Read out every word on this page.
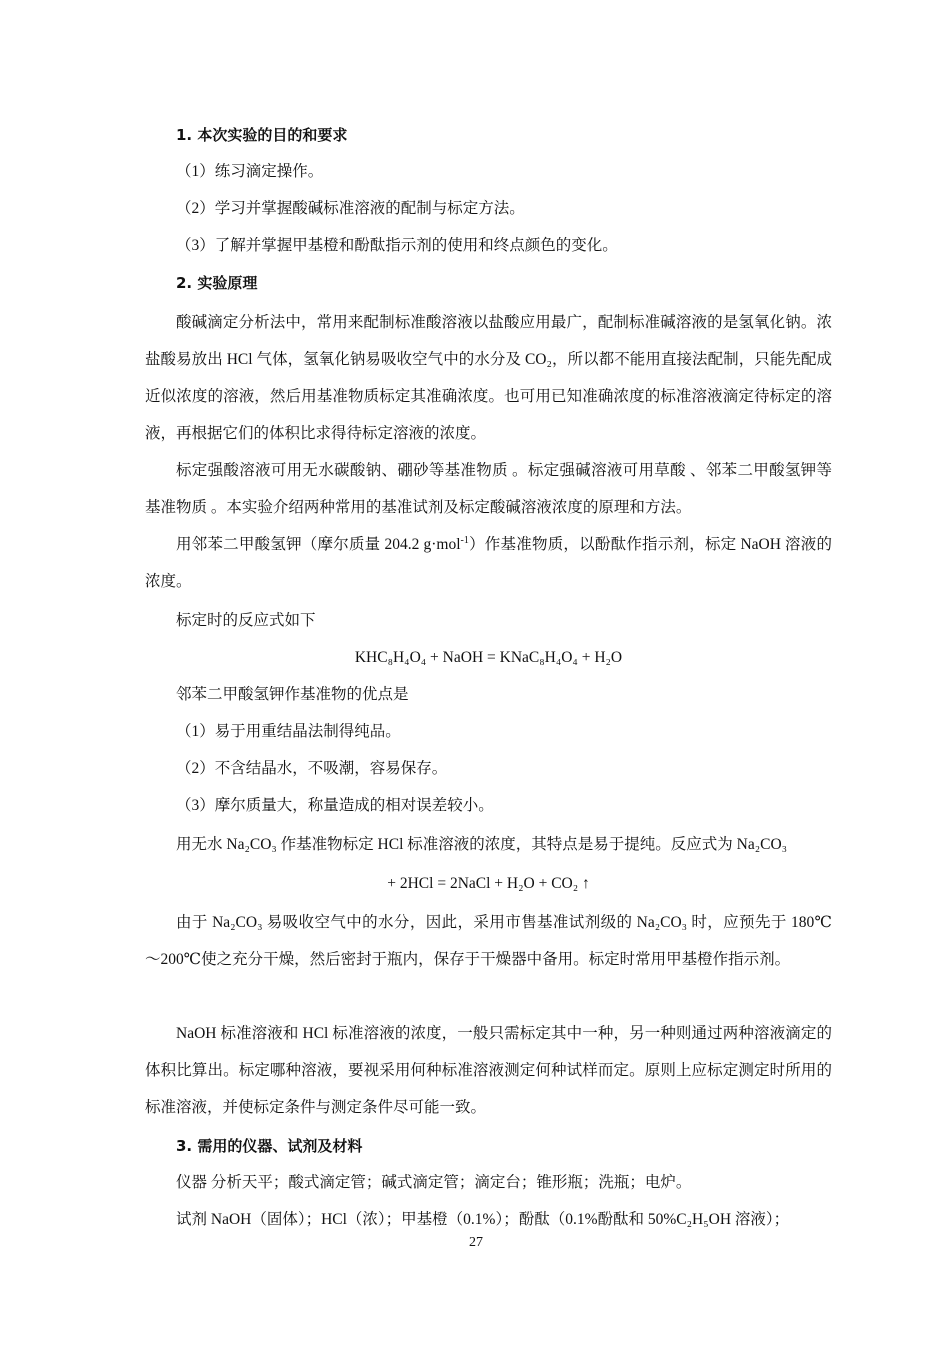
1. 本次实验的目的和要求
（1）练习滴定操作。
（2）学习并掌握酸碱标准溶液的配制与标定方法。
（3）了解并掌握甲基橙和酚酞指示剂的使用和终点颜色的变化。
2. 实验原理
酸碱滴定分析法中，常用来配制标准酸溶液以盐酸应用最广，配制标准碱溶液的是氢氧化钠。浓盐酸易放出 HCl 气体，氢氧化钠易吸收空气中的水分及 CO₂，所以都不能用直接法配制，只能先配成近似浓度的溶液，然后用基准物质标定其准确浓度。也可用已知准确浓度的标准溶液滴定待标定的溶液，再根据它们的体积比求得待标定溶液的浓度。
标定强酸溶液可用无水碳酸钠、硼砂等基准物质 。标定强碱溶液可用草酸 、邻苯二甲酸氢钾等基准物质 。本实验介绍两种常用的基准试剂及标定酸碱溶液浓度的原理和方法。
用邻苯二甲酸氢钾（摩尔质量 204.2 g·mol$^{-1}$）作基准物质，以酚酞作指示剂，标定 NaOH 溶液的浓度。
标定时的反应式如下
KHC₈H₄O₄ + NaOH = KNaC₈H₄O₄ + H₂O
邻苯二甲酸氢钾作基准物的优点是
（1）易于用重结晶法制得纯品。
（2）不含结晶水，不吸潮，容易保存。
（3）摩尔质量大，称量造成的相对误差较小。
用无水 Na₂CO₃ 作基准物标定 HCl 标准溶液的浓度，其特点是易于提纯。反应式为 Na₂CO₃
+ 2HCl = 2NaCl + H₂O + CO₂ ↑
由于 Na₂CO₃ 易吸收空气中的水分，因此，采用市售基准试剂级的 Na₂CO₃ 时，应预先于 180℃～200℃使之充分干燥，然后密封于瓶内，保存于干燥器中备用。标定时常用甲基橙作指示剂。
NaOH 标准溶液和 HCl 标准溶液的浓度，一般只需标定其中一种，另一种则通过两种溶液滴定的体积比算出。标定哪种溶液，要视采用何种标准溶液测定何种试样而定。原则上应标定测定时所用的标准溶液，并使标定条件与测定条件尽可能一致。
3. 需用的仪器、试剂及材料
仪器 分析天平；酸式滴定管；碱式滴定管；滴定台；锥形瓶；洗瓶；电炉。
试剂 NaOH（固体）；HCl（浓）；甲基橙（0.1%）；酚酞（0.1%酚酞和 50%C₂H₅OH 溶液）；
27
